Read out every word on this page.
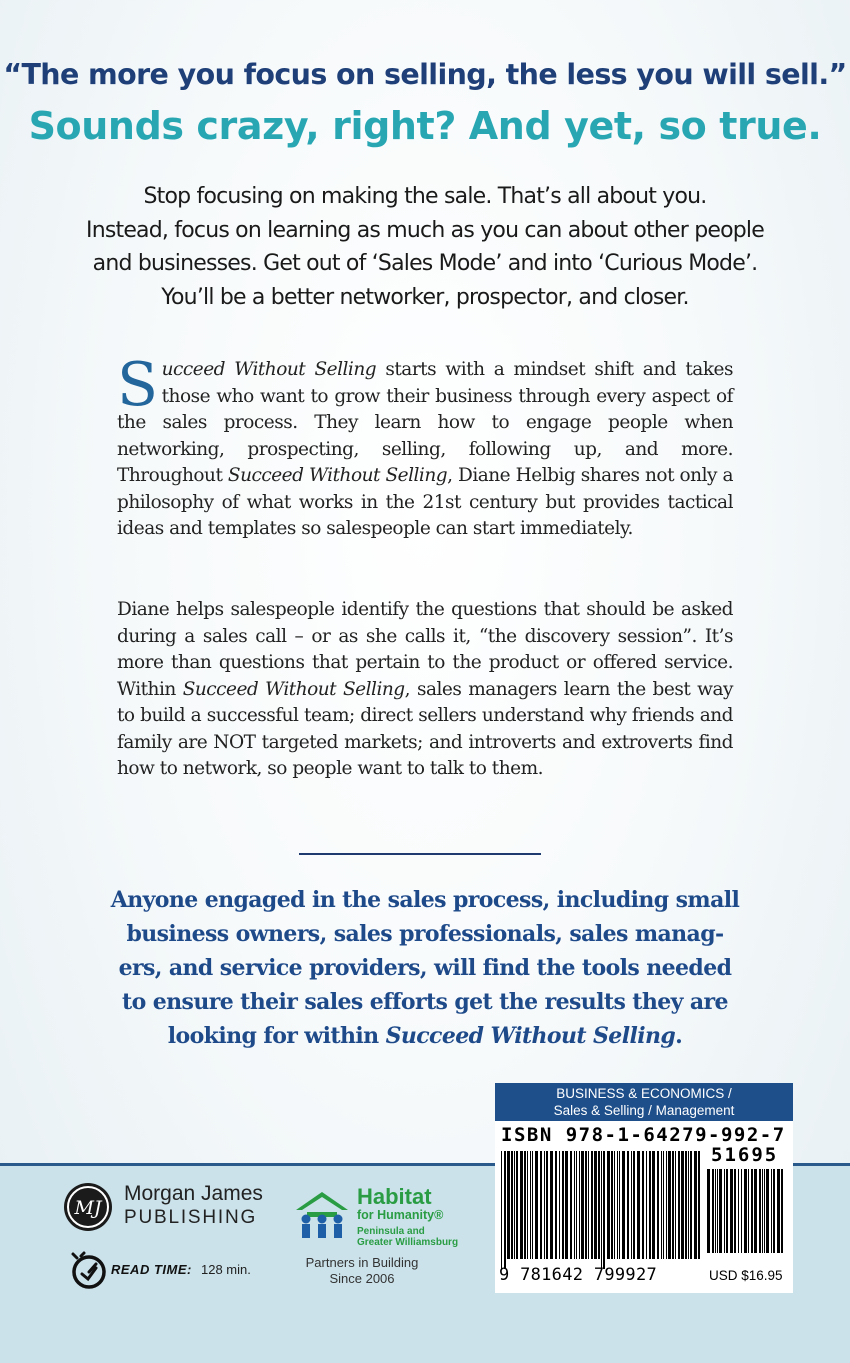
“The more you focus on selling, the less you will sell.”
Sounds crazy, right? And yet, so true.
Stop focusing on making the sale. That’s all about you.
Instead, focus on learning as much as you can about other people
and businesses. Get out of ‘Sales Mode’ and into ‘Curious Mode’.
You’ll be a better networker, prospector, and closer.
Succeed Without Selling starts with a mindset shift and takes those who want to grow their business through every aspect of the sales process. They learn how to engage people when networking, prospecting, selling, following up, and more. Throughout Succeed Without Selling, Diane Helbig shares not only a philosophy of what works in the 21st century but provides tactical ideas and templates so salespeople can start immediately.
Diane helps salespeople identify the questions that should be asked during a sales call – or as she calls it, “the discovery session”. It’s more than questions that pertain to the product or offered service. Within Succeed Without Selling, sales managers learn the best way to build a successful team; direct sellers understand why friends and family are NOT targeted markets; and introverts and extroverts find how to network, so people want to talk to them.
Anyone engaged in the sales process, including small
business owners, sales professionals, sales manag-
ers, and service providers, will find the tools needed
to ensure their sales efforts get the results they are
looking for within Succeed Without Selling.
BUSINESS & ECONOMICS /
Sales & Selling / Management
ISBN 978-1-64279-992-7
51695
9 781642 799927	USD $16.95
MJ
Morgan James
PUBLISHING
READ TIME: 128 min.
Habitat
for Humanity®
Peninsula and
Greater Williamsburg
Partners in Building
Since 2006
